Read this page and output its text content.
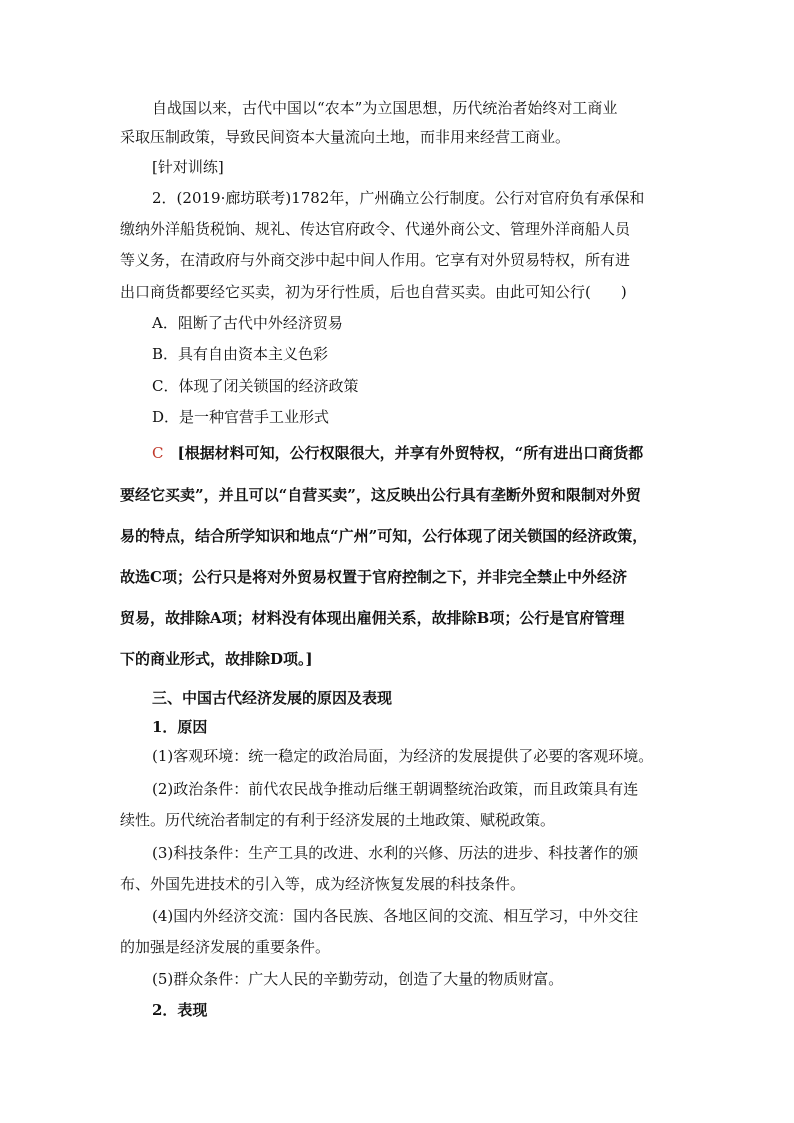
自战国以来，古代中国以“农本”为立国思想，历代统治者始终对工商业
采取压制政策，导致民间资本大量流向土地，而非用来经营工商业。
[针对训练]
2．(2019·廊坊联考)1782年，广州确立公行制度。公行对官府负有承保和
缴纳外洋船货税饷、规礼、传达官府政令、代递外商公文、管理外洋商船人员
等义务，在清政府与外商交涉中起中间人作用。它享有对外贸易特权，所有进
出口商货都要经它买卖，初为牙行性质，后也自营买卖。由此可知公行(　　)
A．阻断了古代中外经济贸易
B．具有自由资本主义色彩
C．体现了闭关锁国的经济政策
D．是一种官营手工业形式
C [根据材料可知，公行权限很大，并享有外贸特权，“所有进出口商货都
要经它买卖”，并且可以“自营买卖”，这反映出公行具有垄断外贸和限制对外贸
易的特点，结合所学知识和地点“广州”可知，公行体现了闭关锁国的经济政策，
故选C项；公行只是将对外贸易权置于官府控制之下，并非完全禁止中外经济
贸易，故排除A项；材料没有体现出雇佣关系，故排除B项；公行是官府管理
下的商业形式，故排除D项。]
三、中国古代经济发展的原因及表现
1．原因
(1)客观环境：统一稳定的政治局面，为经济的发展提供了必要的客观环境。
(2)政治条件：前代农民战争推动后继王朝调整统治政策，而且政策具有连
续性。历代统治者制定的有利于经济发展的土地政策、赋税政策。
(3)科技条件：生产工具的改进、水利的兴修、历法的进步、科技著作的颁
布、外国先进技术的引入等，成为经济恢复发展的科技条件。
(4)国内外经济交流：国内各民族、各地区间的交流、相互学习，中外交往
的加强是经济发展的重要条件。
(5)群众条件：广大人民的辛勤劳动，创造了大量的物质财富。
2．表现
